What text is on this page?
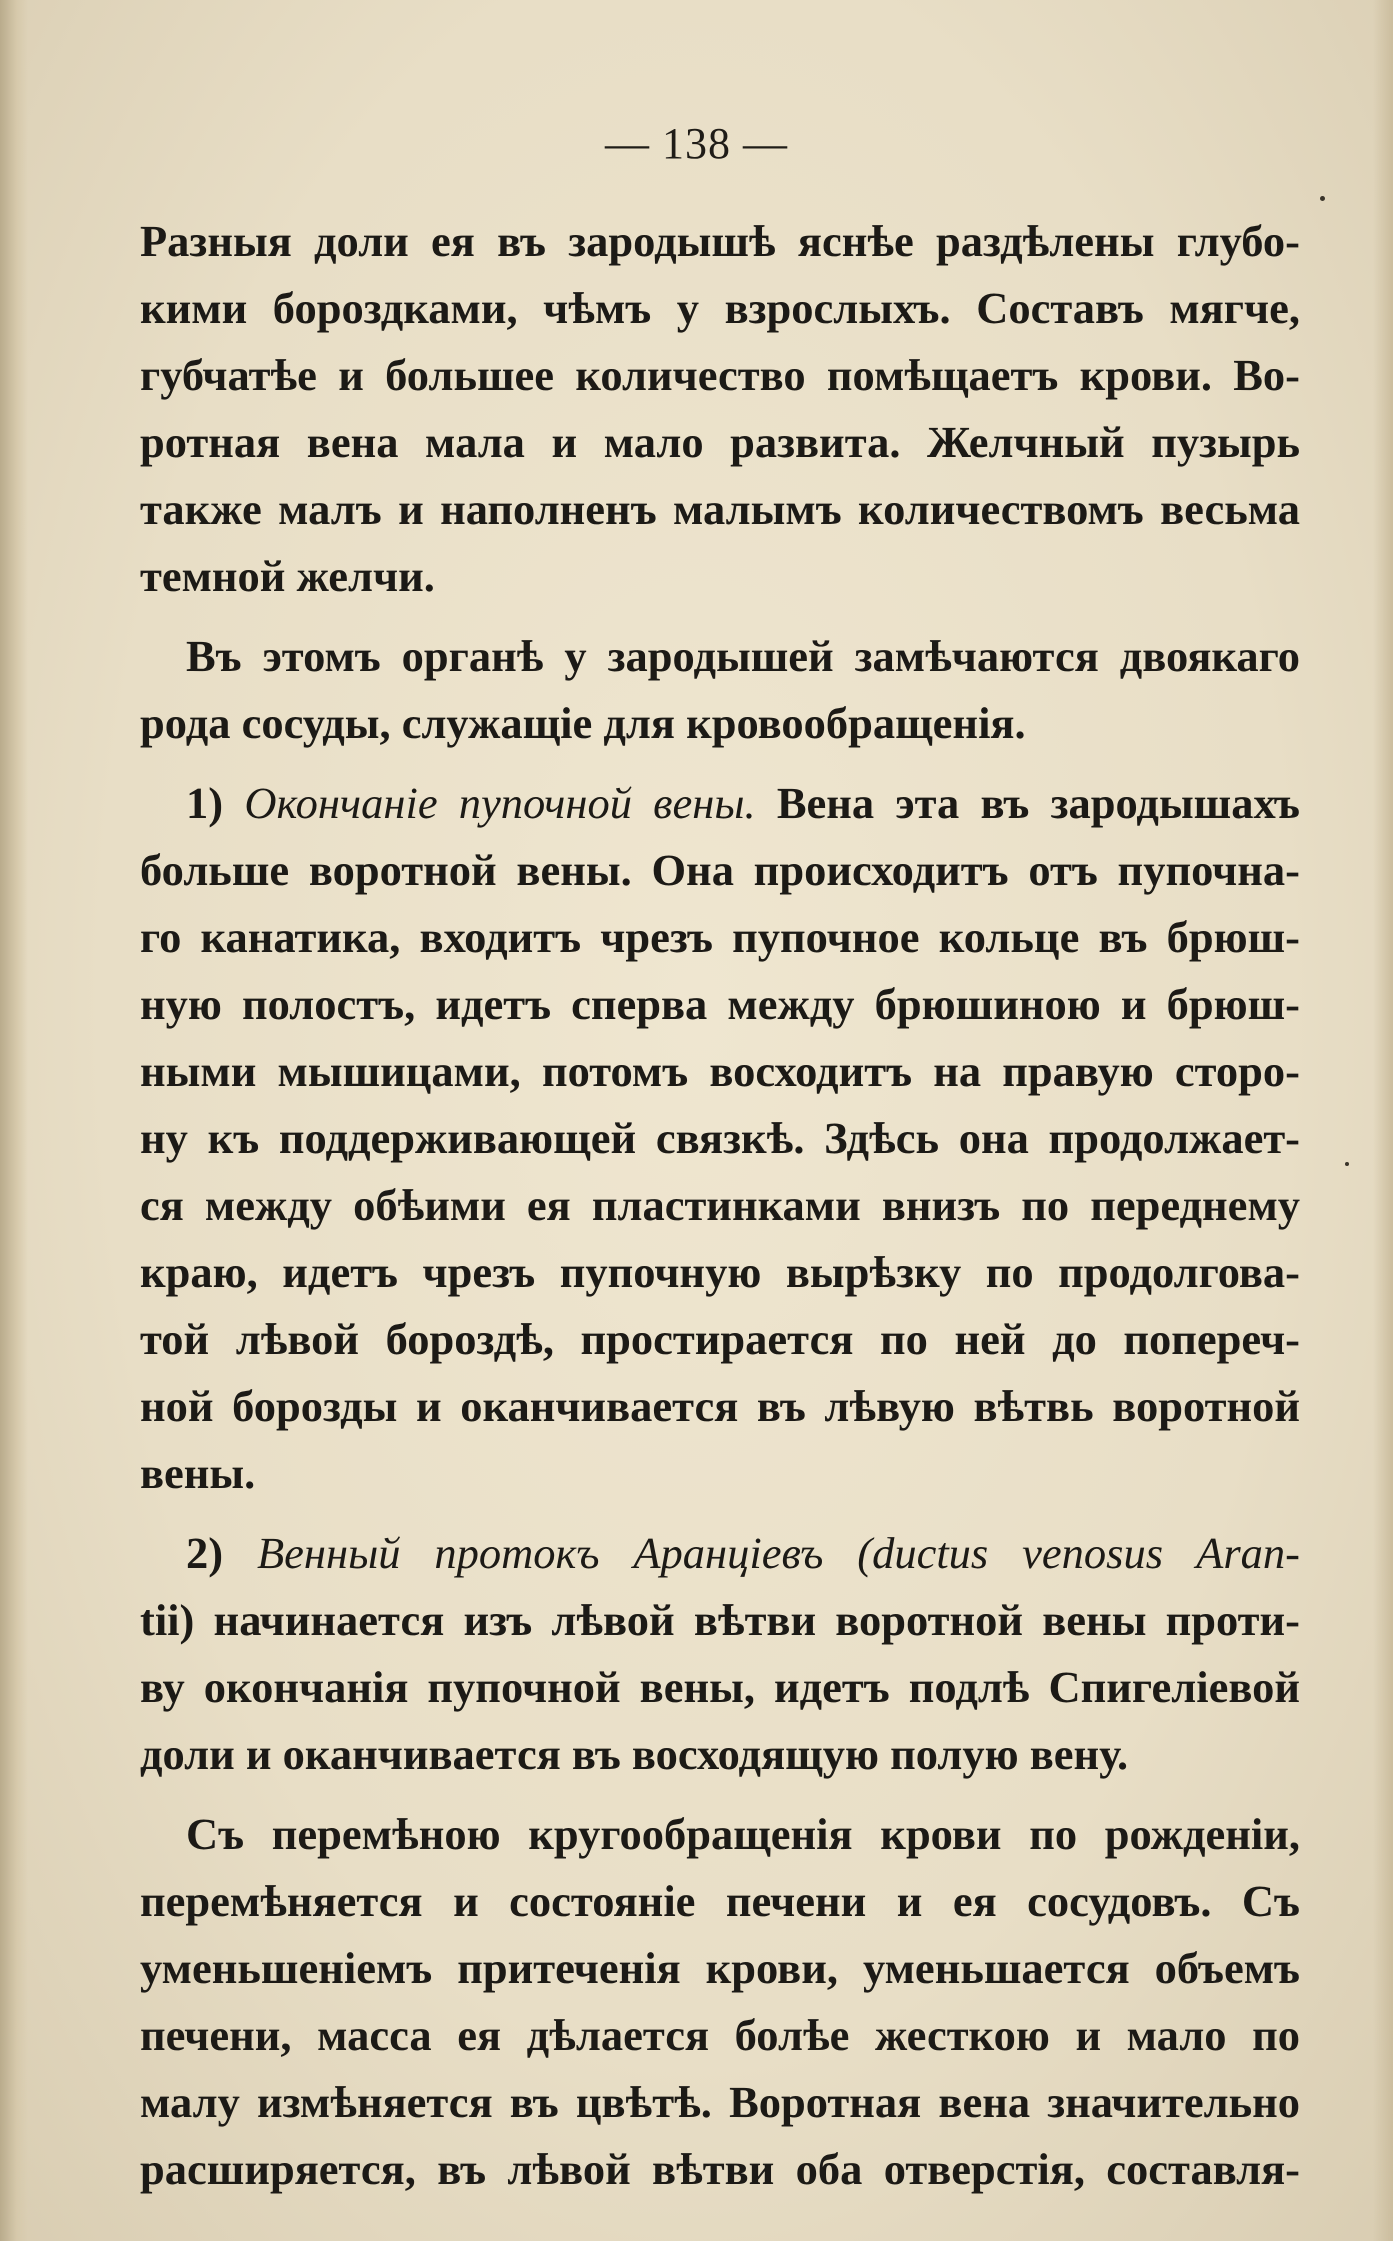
— 138 —
Разныя доли ея въ зародышѣ яснѣе раздѣлены глубо-
кими бороздками, чѣмъ у взрослыхъ. Составъ мягче,
губчатѣе и большее количество помѣщаетъ крови. Во-
ротная вена мала и мало развита. Желчный пузырь
также малъ и наполненъ малымъ количествомъ весьма
темной желчи.
Въ этомъ органѣ у зародышей замѣчаются двоякаго
рода сосуды, служащіе для кровообращенія.
1) Окончаніе пупочной вены. Вена эта въ зародышахъ
больше воротной вены. Она происходитъ отъ пупочна-
го канатика, входитъ чрезъ пупочное кольце въ брюш-
ную полостъ, идетъ сперва между брюшиною и брюш-
ными мышицами, потомъ восходитъ на правую сторо-
ну къ поддерживающей связкѣ. Здѣсь она продолжает-
ся между обѣими ея пластинками внизъ по переднему
краю, идетъ чрезъ пупочную вырѣзку по продолгова-
той лѣвой бороздѣ, простирается по ней до попереч-
ной борозды и оканчивается въ лѣвую вѣтвь воротной
вены.
2) Венный протокъ Аранціевъ (ductus venosus Aran-
tii) начинается изъ лѣвой вѣтви воротной вены проти-
ву окончанія пупочной вены, идетъ подлѣ Спигеліевой
доли и оканчивается въ восходящую полую вену.
Съ перемѣною кругообращенія крови по рожденіи,
перемѣняется и состояніе печени и ея сосудовъ. Съ
уменьшеніемъ притеченія крови, уменьшается объемъ
печени, масса ея дѣлается болѣе жесткою и мало по
малу измѣняется въ цвѣтѣ. Воротная вена значительно
расширяется, въ лѣвой вѣтви оба отверстія, составля-
